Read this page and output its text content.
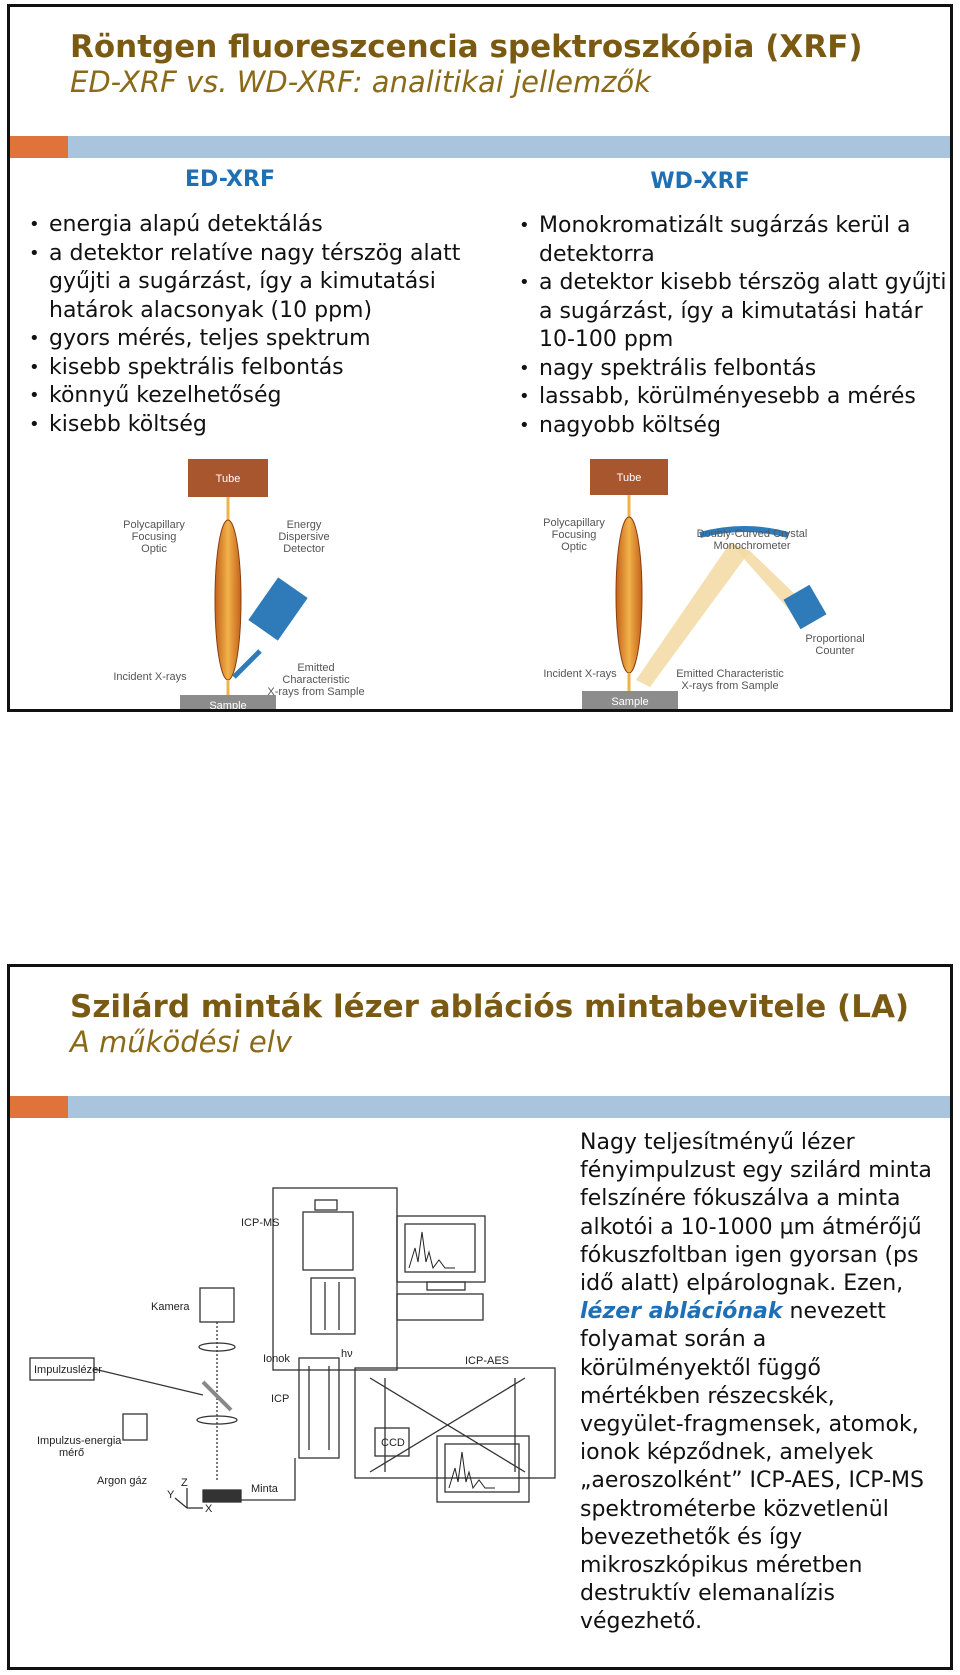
Röntgen fluoreszcencia spektroszkópia (XRF)
ED-XRF vs. WD-XRF: analitikai jellemzők
ED-XRF	WD-XRF
• energia alapú detektálás
• a detektor relatíve nagy térszög alatt gyűjti a sugárzást, így a kimutatási határok alacsonyak (10 ppm)
• gyors mérés, teljes spektrum
• kisebb spektrális felbontás
• könnyű kezelhetőség
• kisebb költség
• Monokromatizált sugárzás kerül a detektorra
• a detektor kisebb térszög alatt gyűjti a sugárzást, így a kimutatási határ 10-100 ppm
• nagy spektrális felbontás
• lassabb, körülményesebb a mérés
• nagyobb költség
Tube
Sample
Polycapillary
Focusing
Optic
Energy
Dispersive
Detector
Incident X-rays
Emitted
Characteristic
X-rays from Sample
Tube
Sample
Polycapillary
Focusing
Optic
Doubly-Curved Crystal
Monochrometer
Proportional
Counter
Incident X-rays	Emitted Characteristic
X-rays from Sample
Szilárd minták lézer ablációs mintabevitele (LA)
A működési elv
ICP-MS
Kamera
Ionok
ICP
hν
ICP-AES
CCD
Impulzuslézer
Impulzus-energia
mérő
Argon gáz
Minta
Z
Y
X
Nagy teljesítményű lézer fényimpulzust egy szilárd minta felszínére fókuszálva a minta alkotói a 10-1000 µm átmérőjű fókuszfoltban igen gyorsan (ps idő alatt) elpárolognak. Ezen, lézer ablációnak nevezett folyamat során a körülményektől függő mértékben részecskék, vegyület-fragmensek, atomok, ionok képződnek, amelyek „aeroszolként” ICP-AES, ICP-MS spektrométerbe közvetlenül bevezethetők és így mikroszkópikus méretben destruktív elemanalízis végezhető.
